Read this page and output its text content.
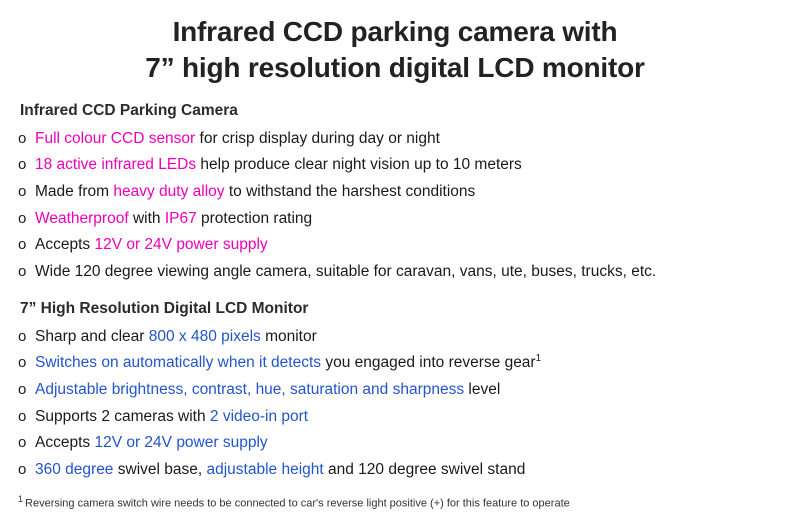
Infrared CCD parking camera with
7” high resolution digital LCD monitor
Infrared CCD Parking Camera
o Full colour CCD sensor for crisp display during day or night
o 18 active infrared LEDs help produce clear night vision up to 10 meters
o Made from heavy duty alloy to withstand the harshest conditions
o Weatherproof with IP67 protection rating
o Accepts 12V or 24V power supply
o Wide 120 degree viewing angle camera, suitable for caravan, vans, ute, buses, trucks, etc.
7” High Resolution Digital LCD Monitor
o Sharp and clear 800 x 480 pixels monitor
o Switches on automatically when it detects you engaged into reverse gear$^1$
o Adjustable brightness, contrast, hue, saturation and sharpness level
o Supports 2 cameras with 2 video-in port
o Accepts 12V or 24V power supply
o 360 degree swivel base, adjustable height and 120 degree swivel stand
$^1$ Reversing camera switch wire needs to be connected to car's reverse light positive (+) for this feature to operate
